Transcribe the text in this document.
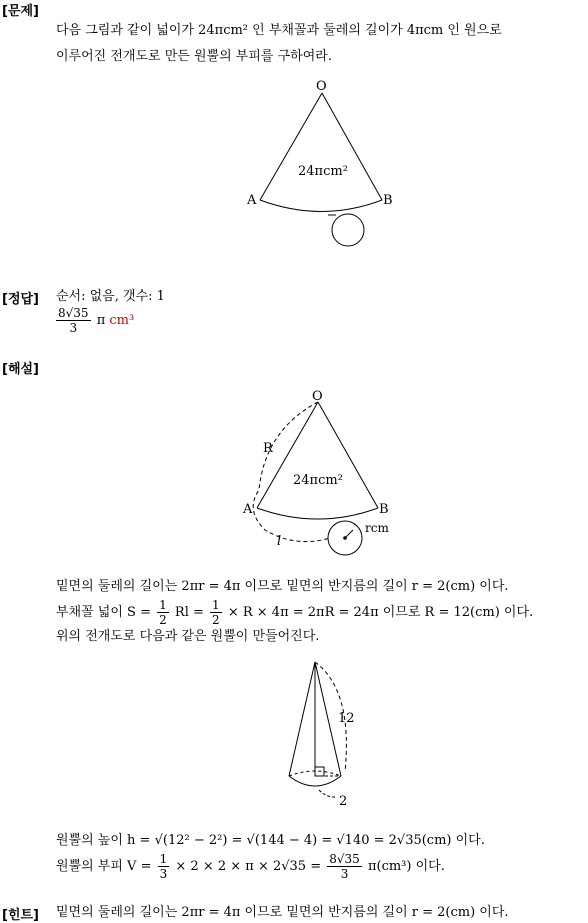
[문제]
다음 그림과 같이 넓이가 24πcm² 인 부채꼴과 둘레의 길이가 4πcm 인 원으로
이루어진 전개도로 만든 원뿔의 부피를 구하여라.
O
A	B
24πcm²
[정답] 순서: 없음, 갯수: 1
$\frac{8√35}{3}$ π cm³
[해설]
O
A	B
R
l
rcm
24πcm²
밑면의 둘레의 길이는 2πr = 4π 이므로 밑면의 반지름의 길이 r = 2(cm) 이다.
부채꼴 넓이 $S = \frac{1}{2}$ $Rl = \frac{1}{2} \times R \times 4\pi = 2\pi R = 24\pi$ 이므로 R = 12(cm) 이다.
위의 전개도로 다음과 같은 원뿔이 만들어진다.
12
2
원뿔의 높이 h = √(12² − 2²) = √(144 − 4) = √140 = 2√35(cm) 이다.
원뿔의 부피 $V = \frac{1}{3} \times 2 \times 2 \times \pi \times 2√35 = \frac{8√35}{3} \pi(cm^3)$ 이다.
[힌트] 밑면의 둘레의 길이는 2πr = 4π 이므로 밑면의 반지름의 길이 r = 2(cm) 이다.
